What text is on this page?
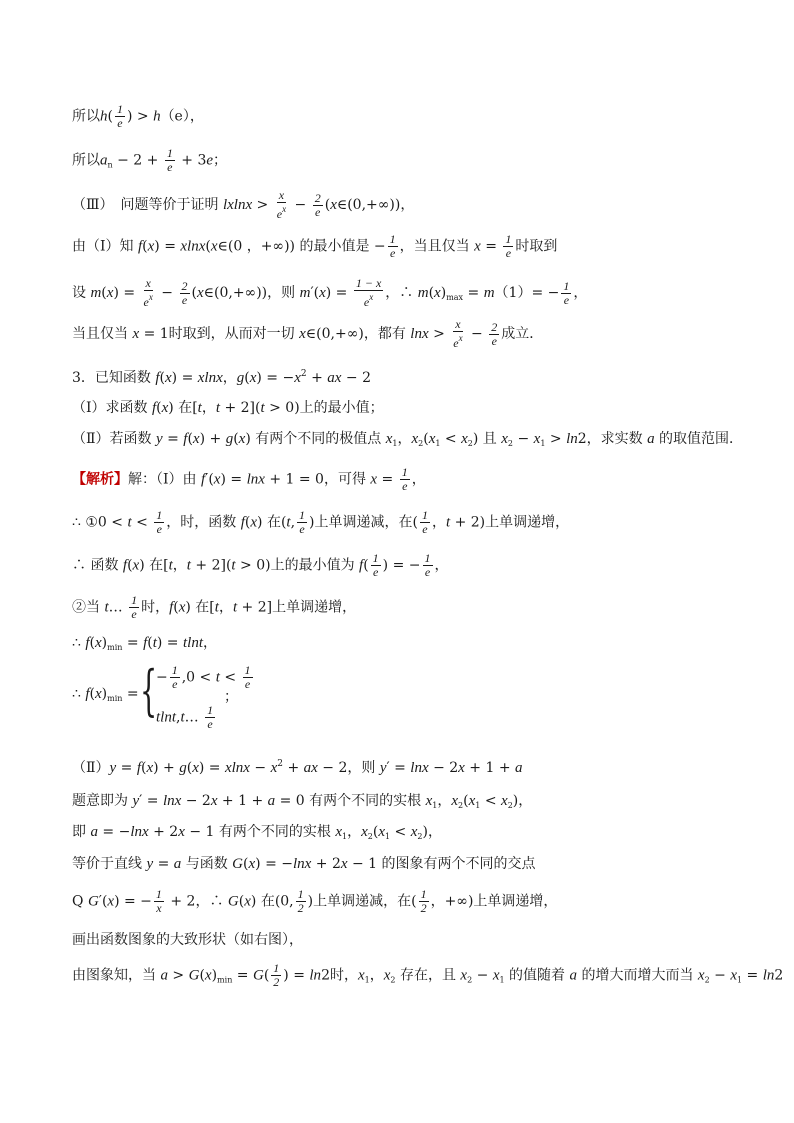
所以$h( \frac{1}{e}$ ) > h（e），
所以$a_n - 2 + \frac{1}{e} + 3e$；
（Ⅲ）　问题等价于证明 $lxlnx > \frac{x}{e^x} - \frac{2}{e}$ (x∈(0,+∞))，
由（Ⅰ）知 f(x) = xlnx(x∈(0 ，+∞)) 的最小值是 − $\frac{1}{e}$ ，当且仅当 $x = \frac{1}{e}$ 时取到
设 $m(x) = \frac{x}{e^x} - \frac{2}{e}$ (x∈(0,+∞))，则 $m'(x) = \frac{1 - x}{e^x}$ ，∴ $m(x)_{max} = m(1)= - \frac{1}{e}$ ，
当且仅当 x = 1时取到，从而对一切 x∈(0,+∞)，都有 $\ln x > \frac{x}{e^x} - \frac{2}{e}$ 成立．
3．已知函数 f(x) = xlnx，$g(x) = -x^2$ + ax − 2
（Ⅰ）求函数 f(x) 在[t，t + 2](t > 0)上的最小值；
（Ⅱ）若函数 y = f(x) + g(x) 有两个不同的极值点 $x_1$，$x_2(x_1 < x_2)$ 且 $x_2 - x_1 > \ln 2$，求实数 a 的取值范围．
【解析】解：（Ⅰ）由 f′(x) = lnx + 1 = 0，可得 $x = \frac{1}{e}$ ，
∴ ①0 < $t < \frac{1}{e}$ ，时，函数 f(x) 在(t, $\frac{1}{e}$ )上单调递减，在( $\frac{1}{e}$ ，t + 2)上单调递增，
∴ 函数 f(x) 在[t，t + 2](t > 0)上的最小值为 $f( \frac{1}{e}$ ) = − $\frac{1}{e}$ ，
②当 t… $\frac{1}{e}$ 时，f(x) 在[t，t + 2]上单调递增，
∴ $f(x)_{min} = f(t) = tlnt$，
∴ $f(x)_{min}$ = {
− $\frac{1}{e} ,0 < t < \frac{1}{e}$
；
tlnt,t… $\frac{1}{e}$
（Ⅱ）y = $f(x) + g(x) = xlnx - x^2$ + ax − 2，则 y′ = lnx − 2x + 1 + a
题意即为 y′ = lnx − 2x + 1 + a = 0 有两个不同的实根 $x_1$，$x_2(x_1 < x_2)$，
即 a = −lnx + 2x − 1 有两个不同的实根 $x_1$，$x_2(x_1 < x_2)$，
等价于直线 y = a 与函数 G(x) = −lnx + 2x − 1 的图象有两个不同的交点
Q G′(x) = − $\frac{1}{x} + 2$，∴ G(x) 在(0, $\frac{1}{2}$ )上单调递减，在( $\frac{1}{2}$ ，+∞)上单调递增，
画出函数图象的大致形状（如右图），
由图象知，当 $a > G(x)_{min} = G( \frac{1}{2}$ ) = ln2时，$x_1$，$x_2$ 存在，且 $x_2 - x_1$ 的值随着 a 的增大而增大而当 $x_2 - x_1 = \ln 2$
